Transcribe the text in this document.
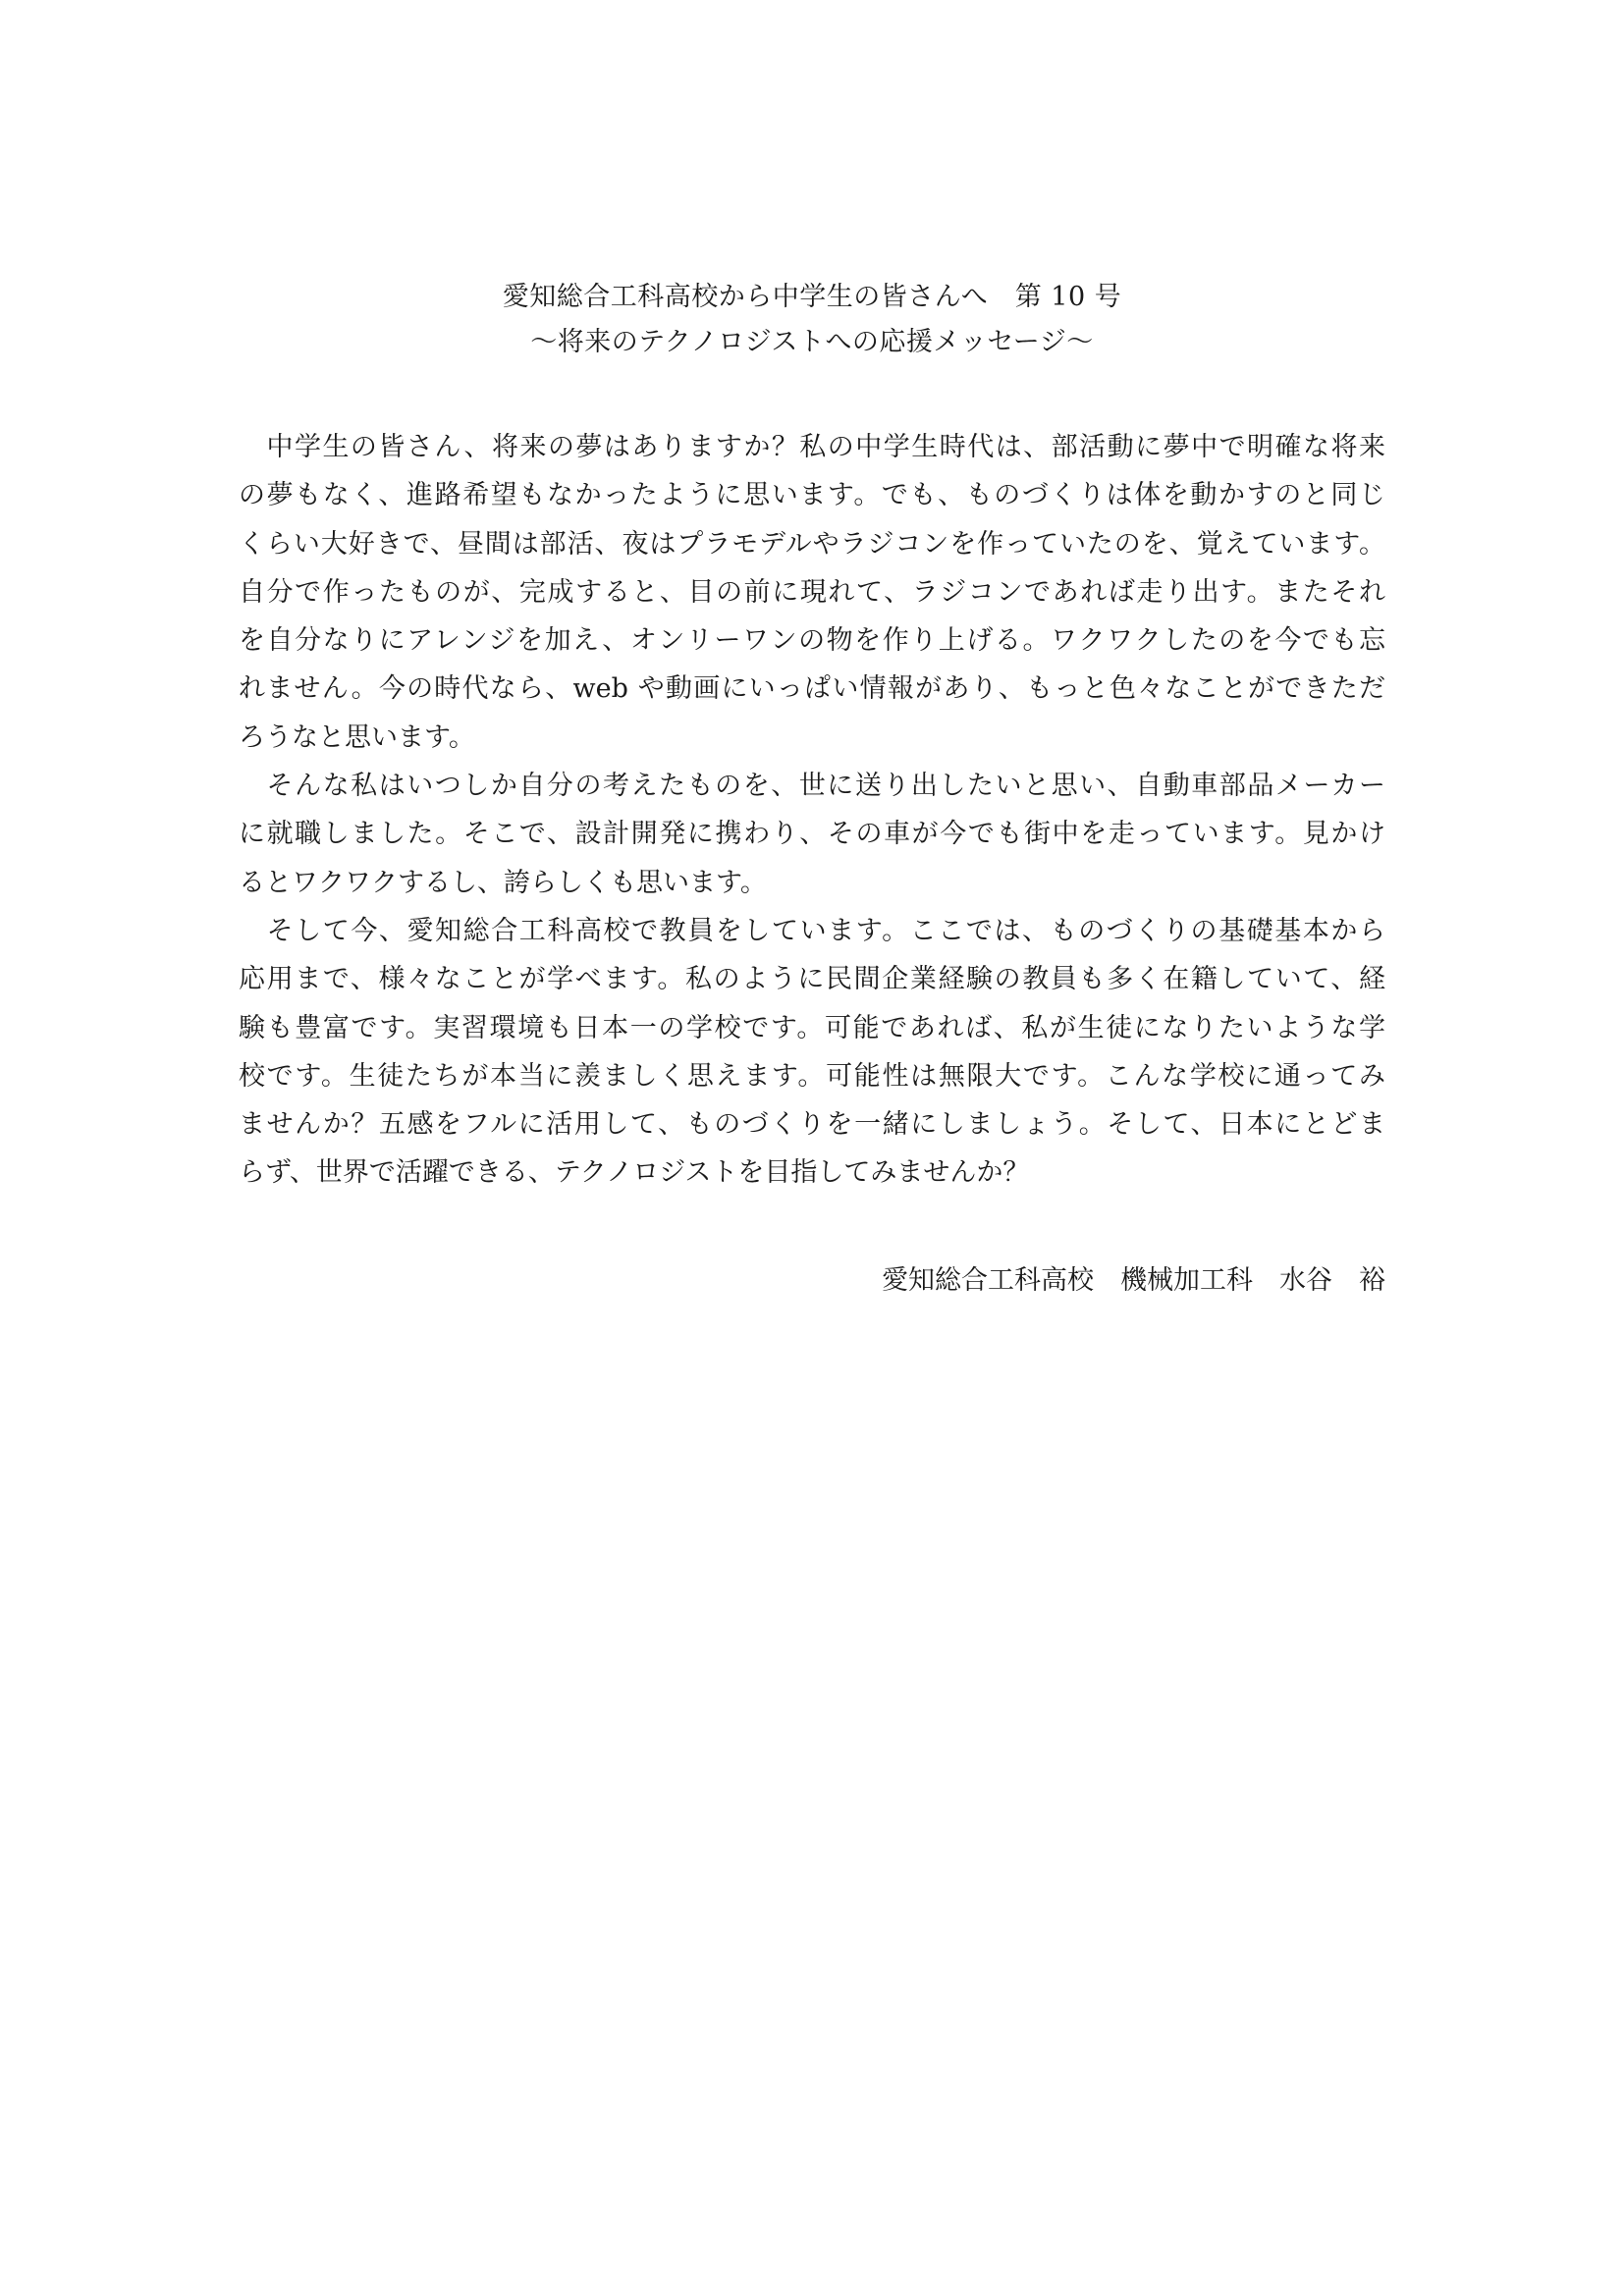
愛知総合工科高校から中学生の皆さんへ　第 10 号
～将来のテクノロジストへの応援メッセージ～
　中学生の皆さん、将来の夢はありますか？私の中学生時代は、部活動に夢中で明確な将来
の夢もなく、進路希望もなかったように思います。でも、ものづくりは体を動かすのと同じ
くらい大好きで、昼間は部活、夜はプラモデルやラジコンを作っていたのを、覚えています。
自分で作ったものが、完成すると、目の前に現れて、ラジコンであれば走り出す。またそれ
を自分なりにアレンジを加え、オンリーワンの物を作り上げる。ワクワクしたのを今でも忘
れません。今の時代なら、web や動画にいっぱい情報があり、もっと色々なことができただ
ろうなと思います。
　そんな私はいつしか自分の考えたものを、世に送り出したいと思い、自動車部品メーカー
に就職しました。そこで、設計開発に携わり、その車が今でも街中を走っています。見かけ
るとワクワクするし、誇らしくも思います。
　そして今、愛知総合工科高校で教員をしています。ここでは、ものづくりの基礎基本から
応用まで、様々なことが学べます。私のように民間企業経験の教員も多く在籍していて、経
験も豊富です。実習環境も日本一の学校です。可能であれば、私が生徒になりたいような学
校です。生徒たちが本当に羨ましく思えます。可能性は無限大です。こんな学校に通ってみ
ませんか？五感をフルに活用して、ものづくりを一緒にしましょう。そして、日本にとどま
らず、世界で活躍できる、テクノロジストを目指してみませんか？
愛知総合工科高校　機械加工科　水谷　裕
